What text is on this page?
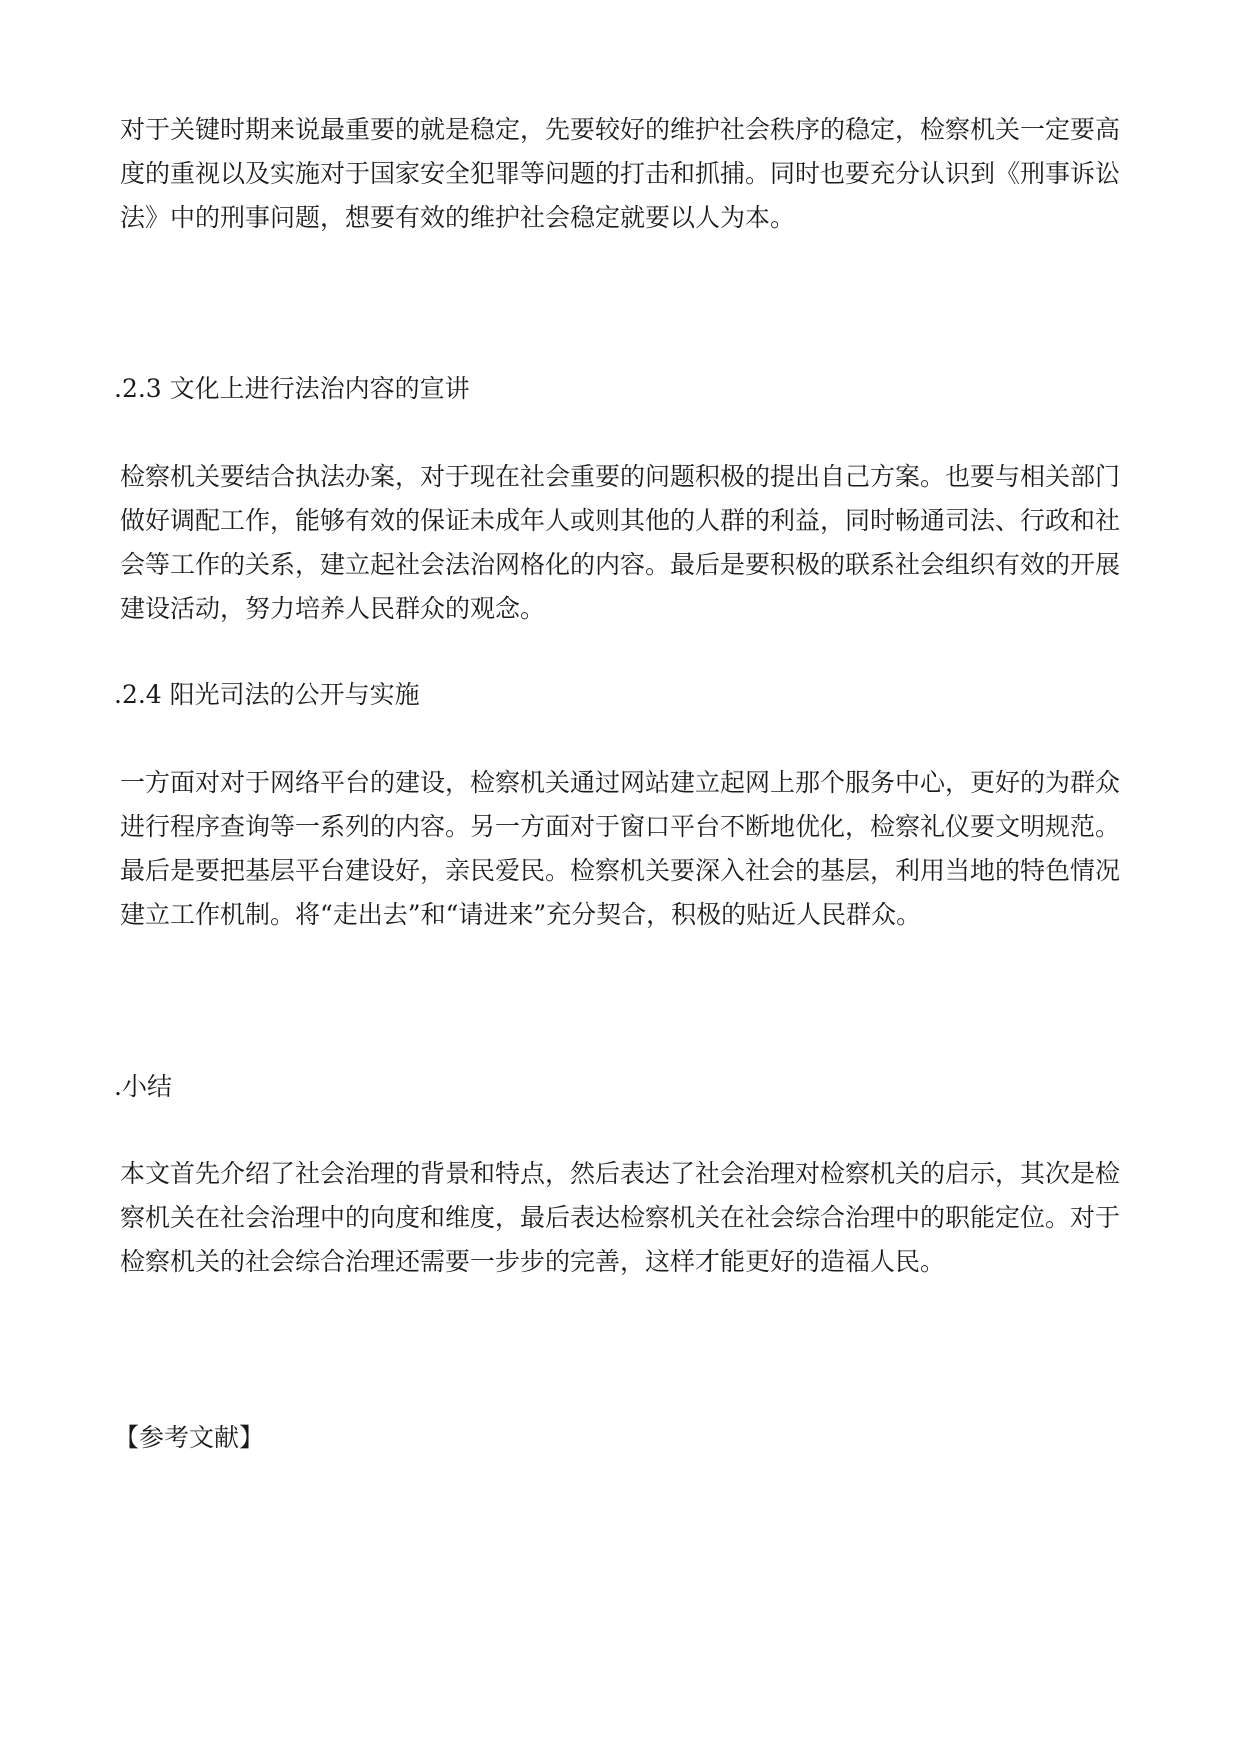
对于关键时期来说最重要的就是稳定，先要较好的维护社会秩序的稳定，检察机关一定要高度的重视以及实施对于国家安全犯罪等问题的打击和抓捕。同时也要充分认识到《刑事诉讼法》中的刑事问题，想要有效的维护社会稳定就要以人为本。

.2.3 文化上进行法治内容的宣讲

检察机关要结合执法办案，对于现在社会重要的问题积极的提出自己方案。也要与相关部门做好调配工作，能够有效的保证未成年人或则其他的人群的利益，同时畅通司法、行政和社会等工作的关系，建立起社会法治网格化的内容。最后是要积极的联系社会组织有效的开展建设活动，努力培养人民群众的观念。

.2.4 阳光司法的公开与实施

一方面对对于网络平台的建设，检察机关通过网站建立起网上那个服务中心，更好的为群众进行程序查询等一系列的内容。另一方面对于窗口平台不断地优化，检察礼仪要文明规范。最后是要把基层平台建设好，亲民爱民。检察机关要深入社会的基层，利用当地的特色情况建立工作机制。将“走出去”和“请进来”充分契合，积极的贴近人民群众。

.小结

本文首先介绍了社会治理的背景和特点，然后表达了社会治理对检察机关的启示，其次是检察机关在社会治理中的向度和维度，最后表达检察机关在社会综合治理中的职能定位。对于检察机关的社会综合治理还需要一步步的完善，这样才能更好的造福人民。

【参考文献】
